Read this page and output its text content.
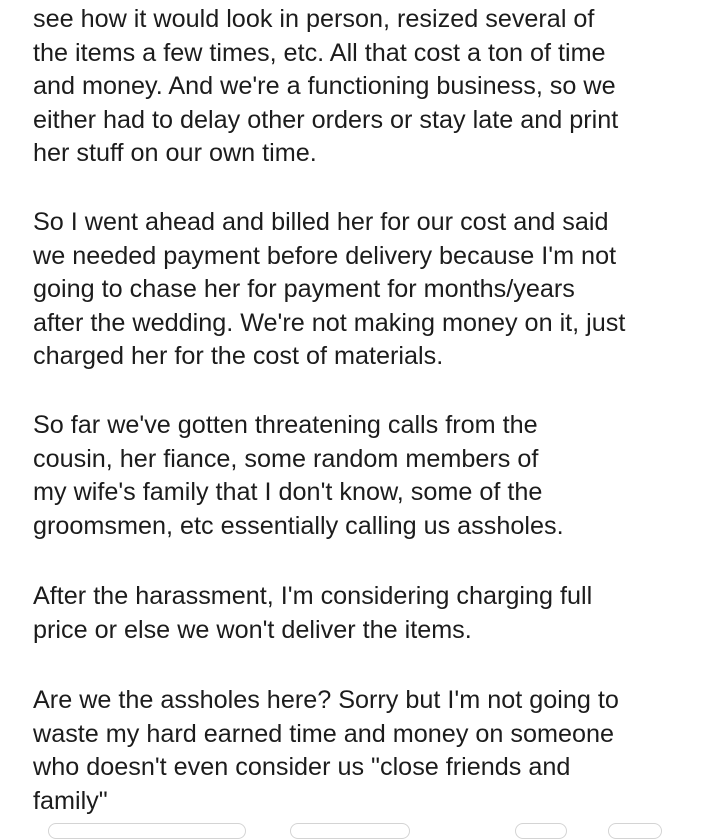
see how it would look in person, resized several of
the items a few times, etc. All that cost a ton of time
and money. And we're a functioning business, so we
either had to delay other orders or stay late and print
her stuff on our own time.

So I went ahead and billed her for our cost and said
we needed payment before delivery because I'm not
going to chase her for payment for months/years
after the wedding. We're not making money on it, just
charged her for the cost of materials.

So far we've gotten threatening calls from the
cousin, her fiance, some random members of
my wife's family that I don't know, some of the
groomsmen, etc essentially calling us assholes.

After the harassment, I'm considering charging full
price or else we won't deliver the items.

Are we the assholes here? Sorry but I'm not going to
waste my hard earned time and money on someone
who doesn't even consider us "close friends and
family"
